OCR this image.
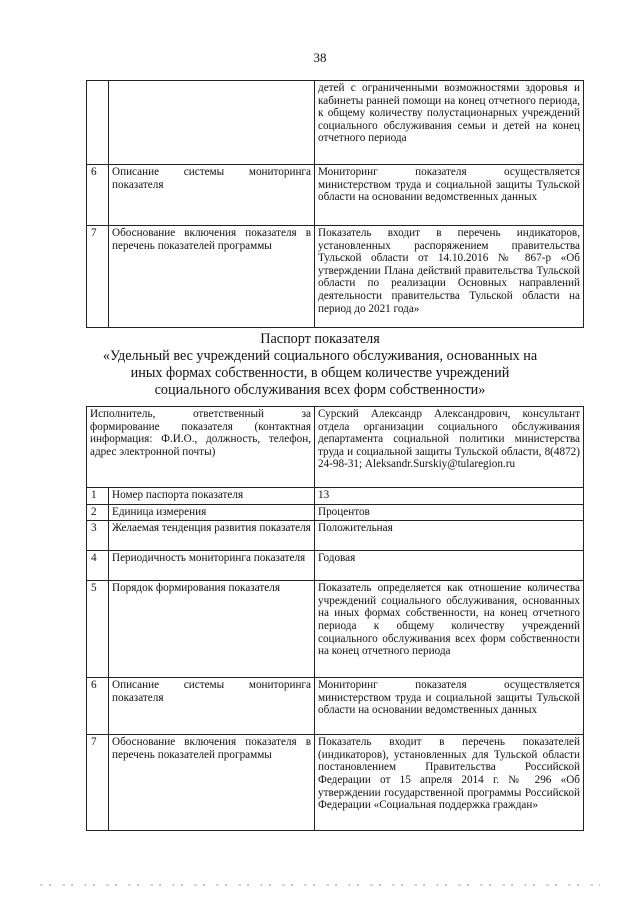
38
		детей с ограниченными возможностями здоровья и кабинеты ранней помощи на конец отчетного периода, к общему количеству полустационарных учреждений социального обслуживания семьи и детей на конец отчетного периода
6	Описание системы мониторинга показателя	Мониторинг показателя осуществляется министерством труда и социальной защиты Тульской области на основании ведомственных данных
7	Обоснование включения показателя в перечень показателей программы	Показатель входит в перечень индикаторов, установленных распоряжением правительства Тульской области от 14.10.2016 № 867-р «Об утверждении Плана действий правительства Тульской области по реализации Основных направлений деятельности правительства Тульской области на период до 2021 года»
Паспорт показателя
«Удельный вес учреждений социального обслуживания, основанных на иных формах собственности, в общем количестве учреждений социального обслуживания всех форм собственности»
Исполнитель, ответственный за формирование показателя (контактная информация: Ф.И.О., должность, телефон, адрес электронной почты)		Сурский Александр Александрович, консультант отдела организации социального обслуживания департамента социальной политики министерства труда и социальной защиты Тульской области, 8(4872) 24-98-31; Aleksandr.Surskiy@tularegion.ru
1	Номер паспорта показателя	13
2	Единица измерения	Процентов
3	Желаемая тенденция развития показателя	Положительная
4	Периодичность мониторинга показателя	Годовая
5	Порядок формирования показателя	Показатель определяется как отношение количества учреждений социального обслуживания, основанных на иных формах собственности, на конец отчетного периода к общему количеству учреждений социального обслуживания всех форм собственности на конец отчетного периода
6	Описание системы мониторинга показателя	Мониторинг показателя осуществляется министерством труда и социальной защиты Тульской области на основании ведомственных данных
7	Обоснование включения показателя в перечень показателей программы	Показатель входит в перечень показателей (индикаторов), установленных для Тульской области постановлением Правительства Российской Федерации от 15 апреля 2014 г. № 296 «Об утверждении государственной программы Российской Федерации «Социальная поддержка граждан»
